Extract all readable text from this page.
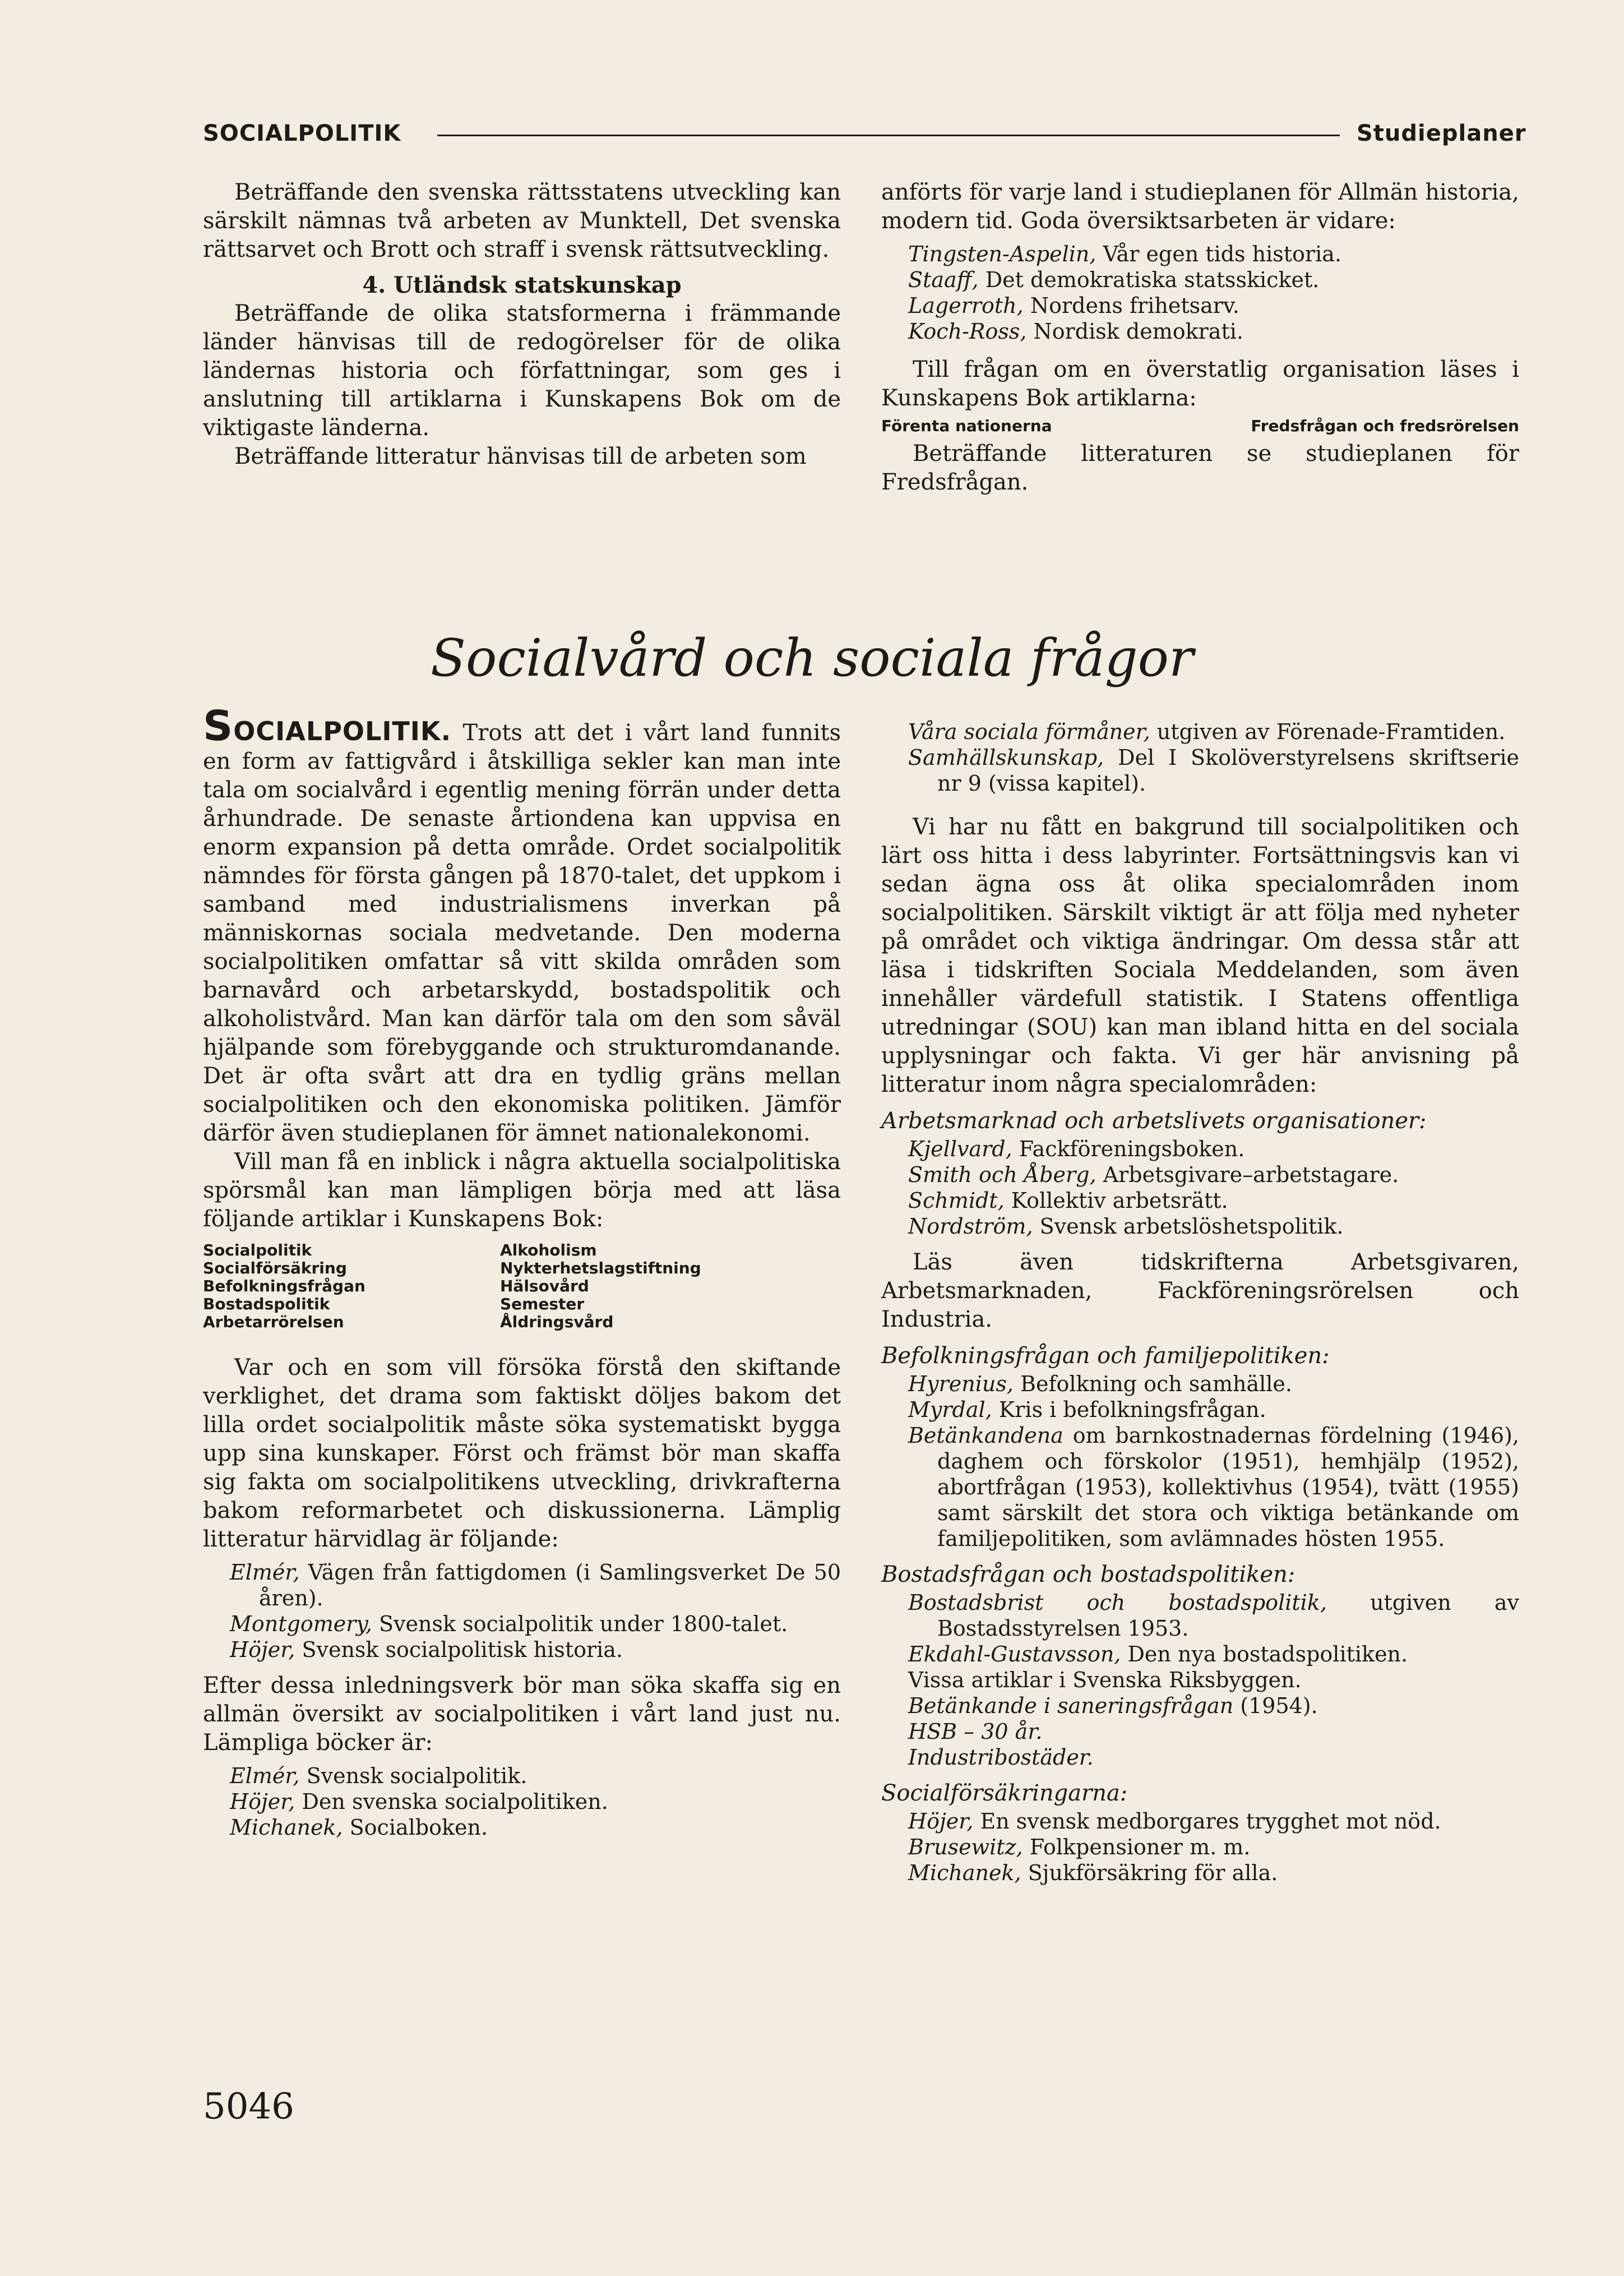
SOCIALPOLITIK	Studieplaner

Beträffande den svenska rättsstatens utveckling kan särskilt nämnas två arbeten av Munktell, Det svenska rättsarvet och Brott och straff i svensk rättsutveckling.

4. Utländsk statskunskap

Beträffande de olika statsformerna i främmande länder hänvisas till de redogörelser för de olika ländernas historia och författningar, som ges i anslutning till artiklarna i Kunskapens Bok om de viktigaste länderna.

Beträffande litteratur hänvisas till de arbeten som

anförts för varje land i studieplanen för Allmän historia, modern tid. Goda översiktsarbeten är vidare:

Tingsten-Aspelin, Vår egen tids historia.
Staaff, Det demokratiska statsskicket.
Lagerroth, Nordens frihetsarv.
Koch-Ross, Nordisk demokrati.

Till frågan om en överstatlig organisation läses i Kunskapens Bok artiklarna:

Förenta nationerna	Fredsfrågan och fredsrörelsen

Beträffande litteraturen se studieplanen för Fredsfrågan.

Socialvård och sociala frågor

SOCIALPOLITIK. Trots att det i vårt land funnits en form av fattigvård i åtskilliga sekler kan man inte tala om socialvård i egentlig mening förrän under detta århundrade. De senaste årtiondena kan uppvisa en enorm expansion på detta område. Ordet socialpolitik nämndes för första gången på 1870-talet, det uppkom i samband med industrialismens inverkan på människornas sociala medvetande. Den moderna socialpolitiken omfattar så vitt skilda områden som barnavård och arbetarskydd, bostadspolitik och alkoholistvård. Man kan därför tala om den som såväl hjälpande som förebyggande och strukturomdanande. Det är ofta svårt att dra en tydlig gräns mellan socialpolitiken och den ekonomiska politiken. Jämför därför även studieplanen för ämnet nationalekonomi.

Vill man få en inblick i några aktuella socialpolitiska spörsmål kan man lämpligen börja med att läsa följande artiklar i Kunskapens Bok:

Socialpolitik
Socialförsäkring
Befolkningsfrågan
Bostadspolitik
Arbetarrörelsen
Alkoholism
Nykterhetslagstiftning
Hälsovård
Semester
Åldringsvård

Var och en som vill försöka förstå den skiftande verklighet, det drama som faktiskt döljes bakom det lilla ordet socialpolitik måste söka systematiskt bygga upp sina kunskaper. Först och främst bör man skaffa sig fakta om socialpolitikens utveckling, drivkrafterna bakom reformarbetet och diskussionerna. Lämplig litteratur härvidlag är följande:

Elmér, Vägen från fattigdomen (i Samlingsverket De 50 åren).
Montgomery, Svensk socialpolitik under 1800-talet.
Höjer, Svensk socialpolitisk historia.

Efter dessa inledningsverk bör man söka skaffa sig en allmän översikt av socialpolitiken i vårt land just nu. Lämpliga böcker är:

Elmér, Svensk socialpolitik.
Höjer, Den svenska socialpolitiken.
Michanek, Socialboken.
Våra sociala förmåner, utgiven av Förenade-Framtiden.
Samhällskunskap, Del I Skolöverstyrelsens skriftserie nr 9 (vissa kapitel).

Vi har nu fått en bakgrund till socialpolitiken och lärt oss hitta i dess labyrinter. Fortsättningsvis kan vi sedan ägna oss åt olika specialområden inom socialpolitiken. Särskilt viktigt är att följa med nyheter på området och viktiga ändringar. Om dessa står att läsa i tidskriften Sociala Meddelanden, som även innehåller värdefull statistik. I Statens offentliga utredningar (SOU) kan man ibland hitta en del sociala upplysningar och fakta. Vi ger här anvisning på litteratur inom några specialområden:

Arbetsmarknad och arbetslivets organisationer:
Kjellvard, Fackföreningsboken.
Smith och Åberg, Arbetsgivare–arbetstagare.
Schmidt, Kollektiv arbetsrätt.
Nordström, Svensk arbetslöshetspolitik.

Läs även tidskrifterna Arbetsgivaren, Arbetsmarknaden, Fackföreningsrörelsen och Industria.

Befolkningsfrågan och familjepolitiken:
Hyrenius, Befolkning och samhälle.
Myrdal, Kris i befolkningsfrågan.
Betänkandena om barnkostnadernas fördelning (1946), daghem och förskolor (1951), hemhjälp (1952), abortfrågan (1953), kollektivhus (1954), tvätt (1955) samt särskilt det stora och viktiga betänkande om familjepolitiken, som avlämnades hösten 1955.
Bostadsfrågan och bostadspolitiken:
Bostadsbrist och bostadspolitik, utgiven av Bostadsstyrelsen 1953.
Ekdahl-Gustavsson, Den nya bostadspolitiken.
Vissa artiklar i Svenska Riksbyggen.
Betänkande i saneringsfrågan (1954).
HSB – 30 år.
Industribostäder.
Socialförsäkringarna:
Höjer, En svensk medborgares trygghet mot nöd.
Brusewitz, Folkpensioner m. m.
Michanek, Sjukförsäkring för alla.
5046
